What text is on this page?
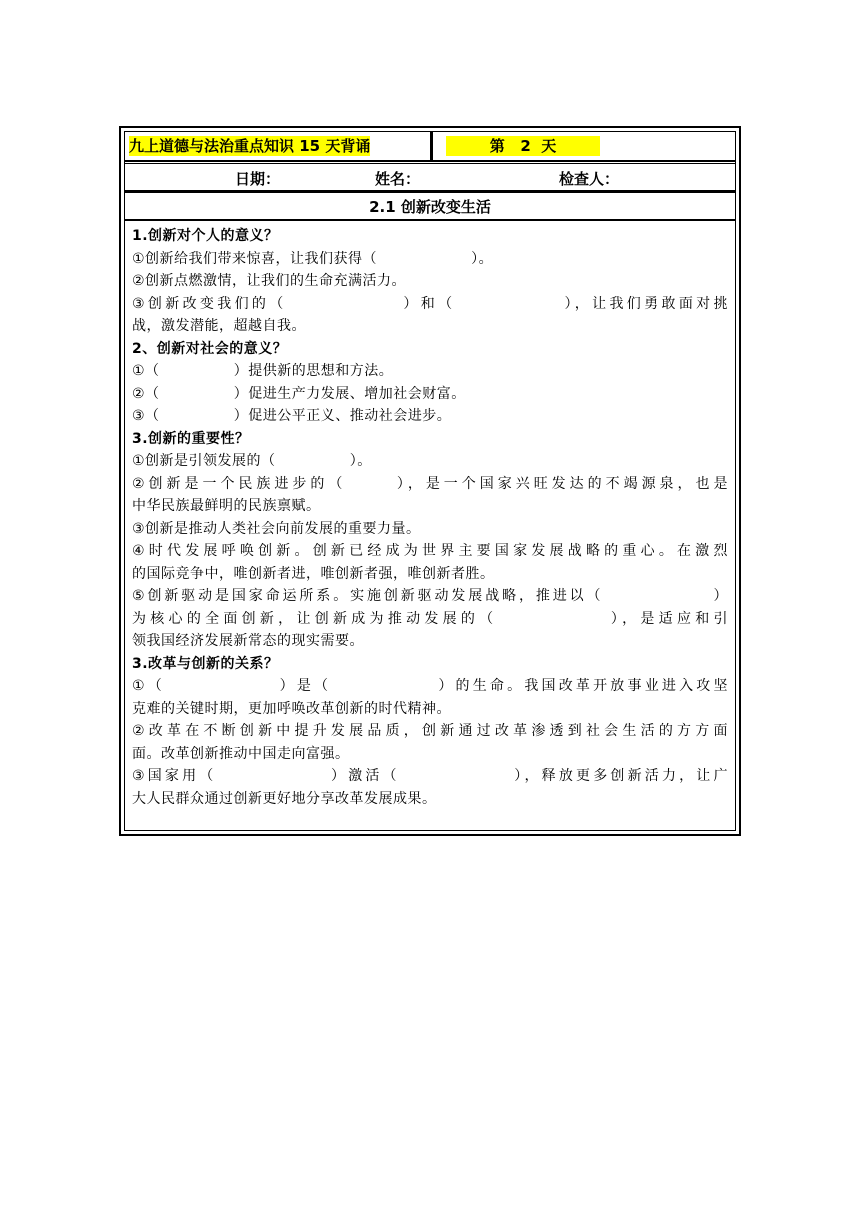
九上道德与法治重点知识 15 天背诵	第   2  天
日期：	姓名：	检查人：
2.1 创新改变生活

1.创新对个人的意义？

①创新给我们带来惊喜，让我们获得（                   ）。

②创新点燃激情，让我们的生命充满活力。

③创新改变我们的（               ）和（              ），让我们勇敢面对挑

战，激发潜能，超越自我。

2、创新对社会的意义？

①（               ）提供新的思想和方法。

②（               ）促进生产力发展、增加社会财富。

③（               ）促进公平正义、推动社会进步。

3.创新的重要性？

①创新是引领发展的（               ）。

②创新是一个民族进步的（      ），是一个国家兴旺发达的不竭源泉，也是

中华民族最鲜明的民族禀赋。

③创新是推动人类社会向前发展的重要力量。

④时代发展呼唤创新。创新已经成为世界主要国家发展战略的重心。在激烈

的国际竞争中，唯创新者进，唯创新者强，唯创新者胜。

⑤创新驱动是国家命运所系。实施创新驱动发展战略，推进以（               ）

为核心的全面创新，让创新成为推动发展的（             ），是适应和引

领我国经济发展新常态的现实需要。

3.改革与创新的关系？

①（               ）是（              ）的生命。我国改革开放事业进入攻坚

克难的关键时期，更加呼唤改革创新的时代精神。

②改革在不断创新中提升发展品质，创新通过改革渗透到社会生活的方方面

面。改革创新推动中国走向富强。

③国家用（               ）激活（               ），释放更多创新活力，让广

大人民群众通过创新更好地分享改革发展成果。
